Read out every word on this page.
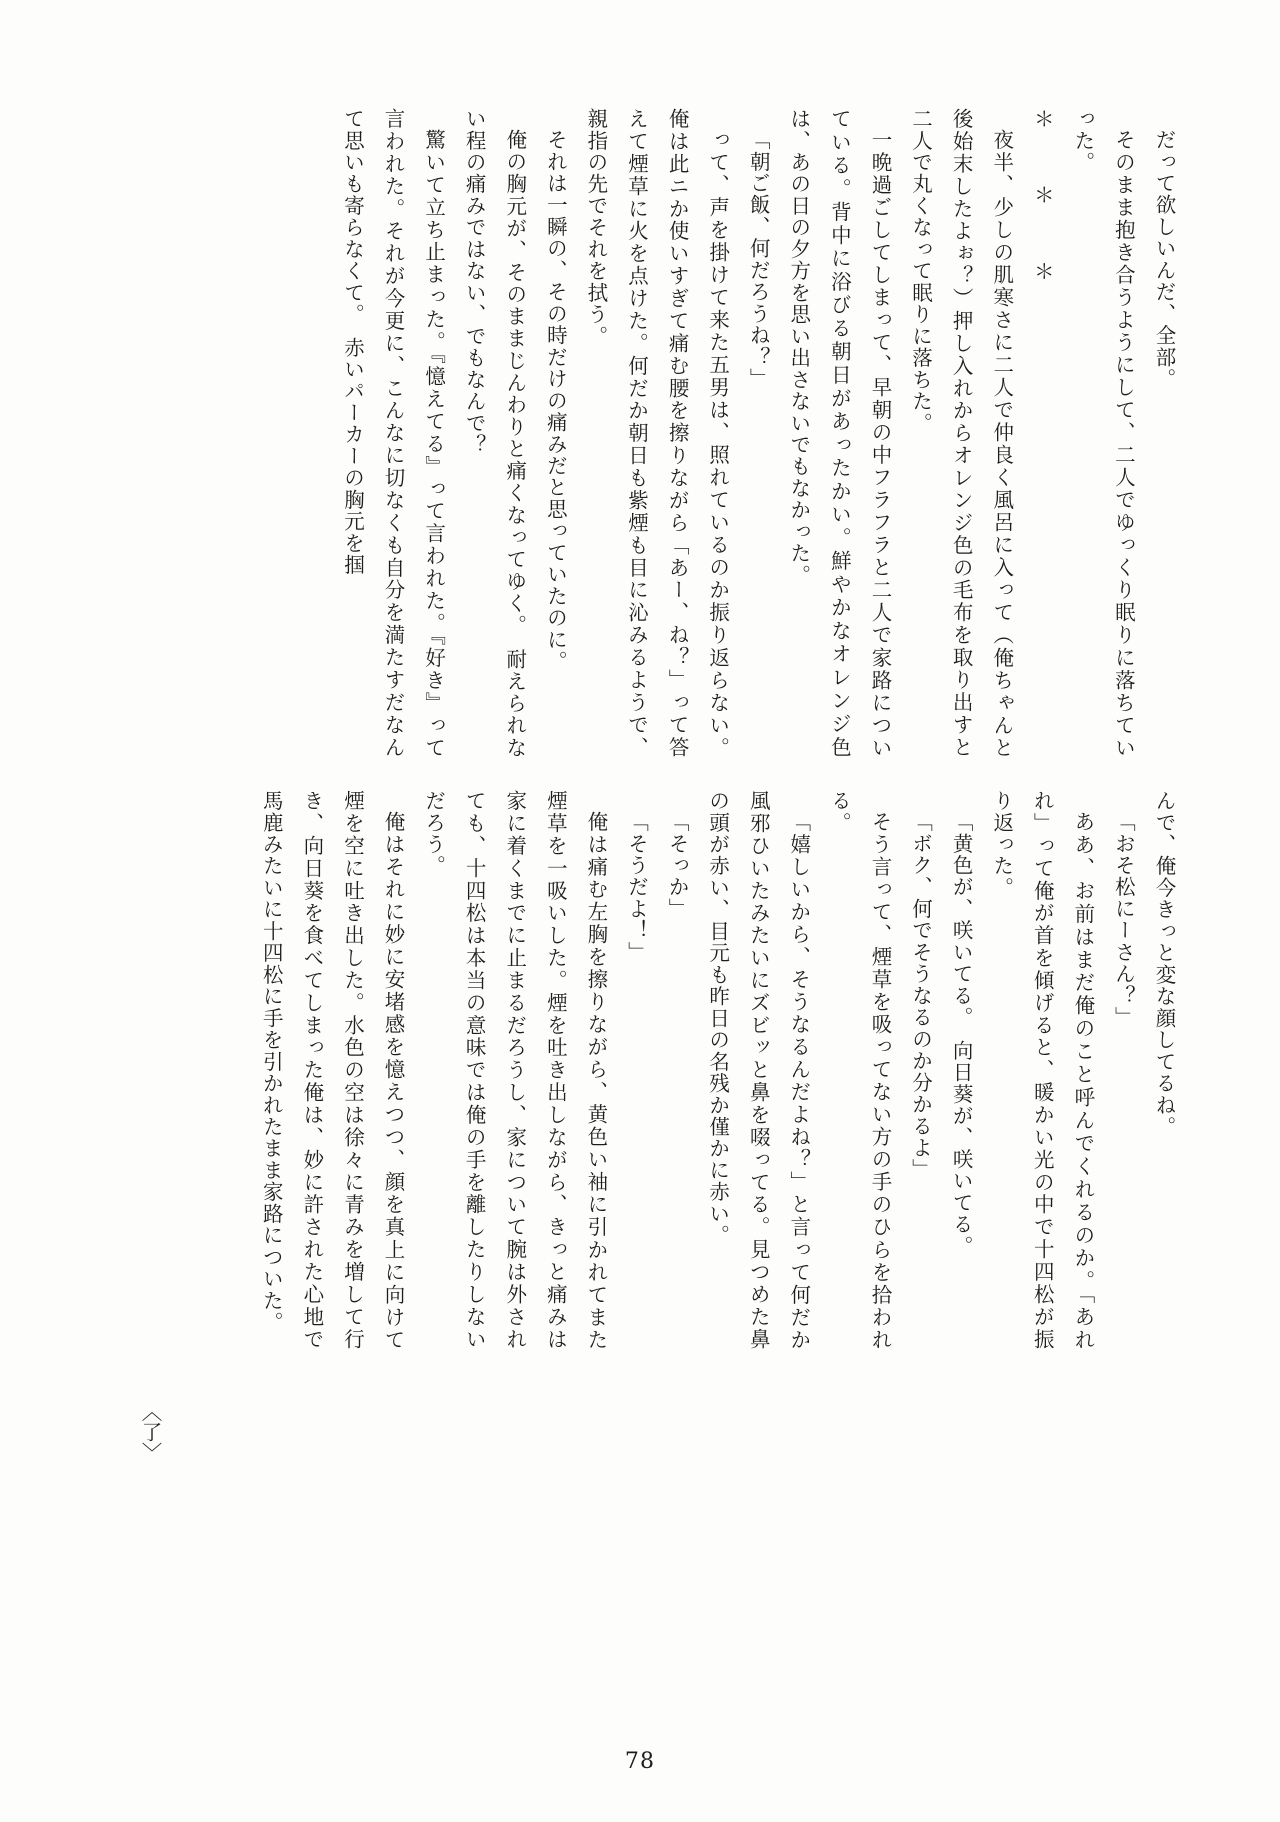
だって欲しいんだ、全部。

そのまま抱き合うようにして、二人でゆっくり眠りに落ちていった。

＊ ＊ ＊

夜半、少しの肌寒さに二人で仲良く風呂に入って（俺ちゃんと後始末したよぉ？）押し入れからオレンジ色の毛布を取り出すと二人で丸くなって眠りに落ちた。

一晩過ごしてしまって、早朝の中フラフラと二人で家路についている。背中に浴びる朝日があったかい。鮮やかなオレンジ色は、あの日の夕方を思い出さないでもなかった。

「朝ご飯、何だろうね？」

って、声を掛けて来た五男は、照れているのか振り返らない。俺は此ニか使いすぎて痛む腰を擦りながら「あー、ね？」って答えて煙草に火を点けた。何だか朝日も紫煙も目に沁みるようで、親指の先でそれを拭う。

それは一瞬の、その時だけの痛みだと思っていたのに。

俺の胸元が、そのままじんわりと痛くなってゆく。　耐えられない程の痛みではない、でもなんで？

驚いて立ち止まった。『憶えてる』って言われた。『好き』って言われた。それが今更に、こんなに切なくも自分を満たすだなんて思いも寄らなくて。　赤いパーカーの胸元を掴

んで、俺今きっと変な顔してるね。

「おそ松にーさん？」

ああ、お前はまだ俺のこと呼んでくれるのか。「あれれ」って俺が首を傾げると、暖かい光の中で十四松が振り返った。

「黄色が、咲いてる。　向日葵が、咲いてる。

「ボク、何でそうなるのか分かるよ」

そう言って、煙草を吸ってない方の手のひらを拾われる。

「嬉しいから、そうなるんだよね？」と言って何だか風邪ひいたみたいにズビッと鼻を啜ってる。見つめた鼻の頭が赤い、目元も昨日の名残か僅かに赤い。

「そっか」

「そうだよ！」

俺は痛む左胸を擦りながら、黄色い袖に引かれてまた煙草を一吸いした。煙を吐き出しながら、きっと痛みは家に着くまでに止まるだろうし、家について腕は外されても、十四松は本当の意味では俺の手を離したりしないだろう。

俺はそれに妙に安堵感を憶えつつ、顔を真上に向けて煙を空に吐き出した。水色の空は徐々に青みを増して行き、向日葵を食べてしまった俺は、妙に許された心地で馬鹿みたいに十四松に手を引かれたまま家路についた。

〈了〉
78
